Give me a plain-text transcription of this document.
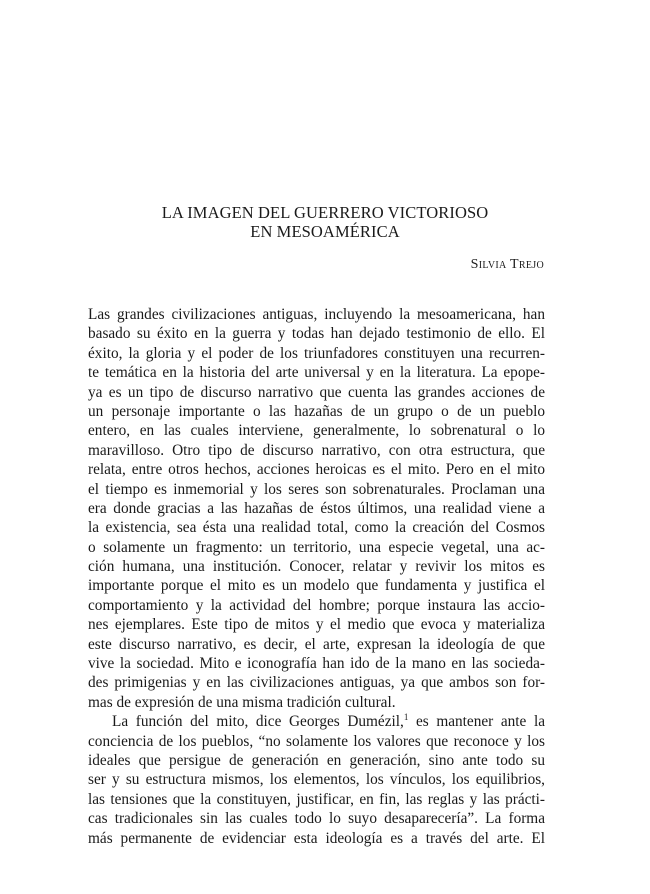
LA IMAGEN DEL GUERRERO VICTORIOSO
EN MESOAMÉRICA
Silvia Trejo
Las grandes civilizaciones antiguas, incluyendo la mesoamericana, han
basado su éxito en la guerra y todas han dejado testimonio de ello. El
éxito, la gloria y el poder de los triunfadores constituyen una recurren-
te temática en la historia del arte universal y en la literatura. La epope-
ya es un tipo de discurso narrativo que cuenta las grandes acciones de
un personaje importante o las hazañas de un grupo o de un pueblo
entero, en las cuales interviene, generalmente, lo sobrenatural o lo
maravilloso. Otro tipo de discurso narrativo, con otra estructura, que
relata, entre otros hechos, acciones heroicas es el mito. Pero en el mito
el tiempo es inmemorial y los seres son sobrenaturales. Proclaman una
era donde gracias a las hazañas de éstos últimos, una realidad viene a
la existencia, sea ésta una realidad total, como la creación del Cosmos
o solamente un fragmento: un territorio, una especie vegetal, una ac-
ción humana, una institución. Conocer, relatar y revivir los mitos es
importante porque el mito es un modelo que fundamenta y justifica el
comportamiento y la actividad del hombre; porque instaura las accio-
nes ejemplares. Este tipo de mitos y el medio que evoca y materializa
este discurso narrativo, es decir, el arte, expresan la ideología de que
vive la sociedad. Mito e iconografía han ido de la mano en las socieda-
des primigenias y en las civilizaciones antiguas, ya que ambos son for-
mas de expresión de una misma tradición cultural.
La función del mito, dice Georges Dumézil,$^1$ es mantener ante la
conciencia de los pueblos, “no solamente los valores que reconoce y los
ideales que persigue de generación en generación, sino ante todo su
ser y su estructura mismos, los elementos, los vínculos, los equilibrios,
las tensiones que la constituyen, justificar, en fin, las reglas y las prácti-
cas tradicionales sin las cuales todo lo suyo desaparecería”. La forma
más permanente de evidenciar esta ideología es a través del arte. El
